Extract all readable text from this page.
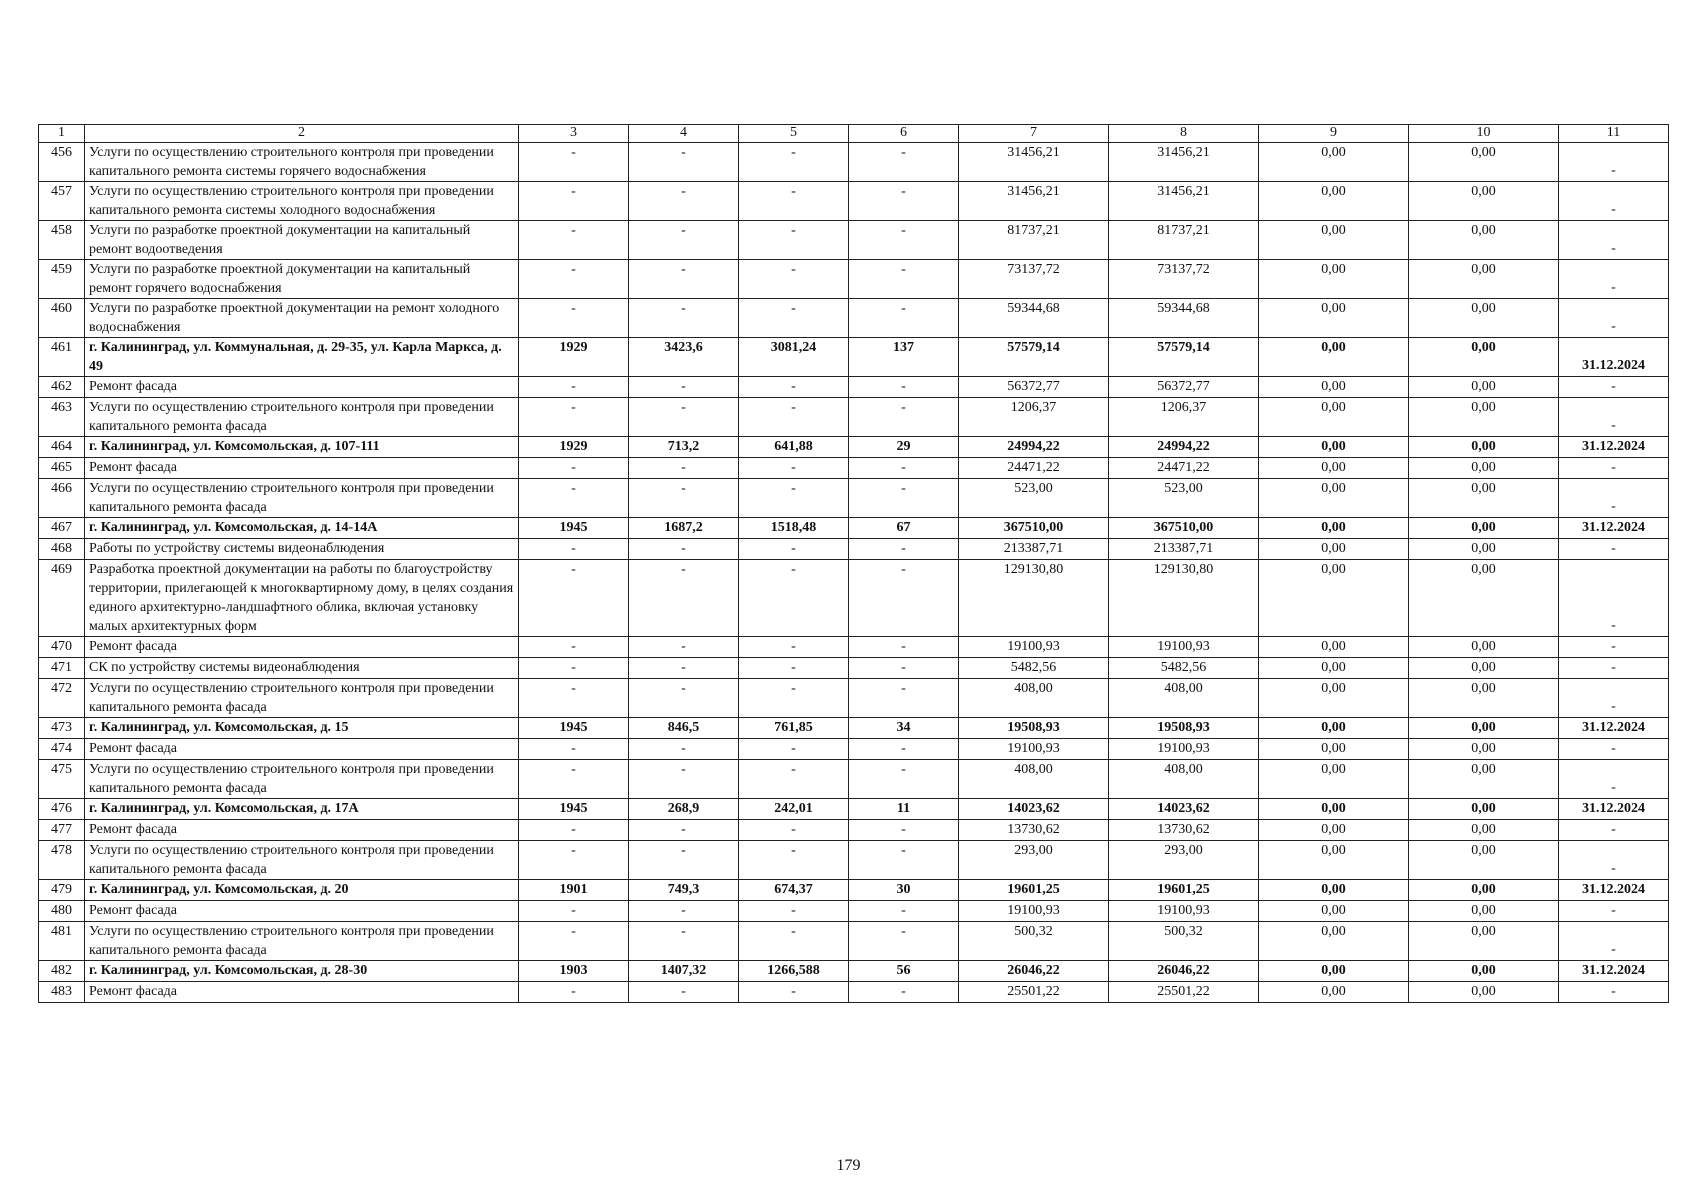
1	2	3	4	5	6	7	8	9	10	11
456	Услуги по осуществлению строительного контроля при проведении капитального ремонта системы горячего водоснабжения	-	-	-	-	31456,21	31456,21	0,00	0,00	-
457	Услуги по осуществлению строительного контроля при проведении капитального ремонта системы холодного водоснабжения	-	-	-	-	31456,21	31456,21	0,00	0,00	-
458	Услуги по разработке проектной документации на капитальный ремонт водоотведения	-	-	-	-	81737,21	81737,21	0,00	0,00	-
459	Услуги по разработке проектной документации на капитальный ремонт горячего водоснабжения	-	-	-	-	73137,72	73137,72	0,00	0,00	-
460	Услуги по разработке проектной документации на ремонт холодного водоснабжения	-	-	-	-	59344,68	59344,68	0,00	0,00	-
461	г. Калининград, ул. Коммунальная, д. 29-35, ул. Карла Маркса, д. 49	1929	3423,6	3081,24	137	57579,14	57579,14	0,00	0,00	31.12.2024
462	Ремонт фасада	-	-	-	-	56372,77	56372,77	0,00	0,00	-
463	Услуги по осуществлению строительного контроля при проведении капитального ремонта фасада	-	-	-	-	1206,37	1206,37	0,00	0,00	-
464	г. Калининград, ул. Комсомольская, д. 107-111	1929	713,2	641,88	29	24994,22	24994,22	0,00	0,00	31.12.2024
465	Ремонт фасада	-	-	-	-	24471,22	24471,22	0,00	0,00	-
466	Услуги по осуществлению строительного контроля при проведении капитального ремонта фасада	-	-	-	-	523,00	523,00	0,00	0,00	-
467	г. Калининград, ул. Комсомольская, д. 14-14А	1945	1687,2	1518,48	67	367510,00	367510,00	0,00	0,00	31.12.2024
468	Работы по устройству системы видеонаблюдения	-	-	-	-	213387,71	213387,71	0,00	0,00	-
469	Разработка проектной документации на работы по благоустройству территории, прилегающей к многоквартирному дому, в целях создания единого архитектурно-ландшафтного облика, включая установку малых архитектурных форм	-	-	-	-	129130,80	129130,80	0,00	0,00	-
470	Ремонт фасада	-	-	-	-	19100,93	19100,93	0,00	0,00	-
471	СК по устройству системы видеонаблюдения	-	-	-	-	5482,56	5482,56	0,00	0,00	-
472	Услуги по осуществлению строительного контроля при проведении капитального ремонта фасада	-	-	-	-	408,00	408,00	0,00	0,00	-
473	г. Калининград, ул. Комсомольская, д. 15	1945	846,5	761,85	34	19508,93	19508,93	0,00	0,00	31.12.2024
474	Ремонт фасада	-	-	-	-	19100,93	19100,93	0,00	0,00	-
475	Услуги по осуществлению строительного контроля при проведении капитального ремонта фасада	-	-	-	-	408,00	408,00	0,00	0,00	-
476	г. Калининград, ул. Комсомольская, д. 17А	1945	268,9	242,01	11	14023,62	14023,62	0,00	0,00	31.12.2024
477	Ремонт фасада	-	-	-	-	13730,62	13730,62	0,00	0,00	-
478	Услуги по осуществлению строительного контроля при проведении капитального ремонта фасада	-	-	-	-	293,00	293,00	0,00	0,00	-
479	г. Калининград, ул. Комсомольская, д. 20	1901	749,3	674,37	30	19601,25	19601,25	0,00	0,00	31.12.2024
480	Ремонт фасада	-	-	-	-	19100,93	19100,93	0,00	0,00	-
481	Услуги по осуществлению строительного контроля при проведении капитального ремонта фасада	-	-	-	-	500,32	500,32	0,00	0,00	-
482	г. Калининград, ул. Комсомольская, д. 28-30	1903	1407,32	1266,588	56	26046,22	26046,22	0,00	0,00	31.12.2024
483	Ремонт фасада	-	-	-	-	25501,22	25501,22	0,00	0,00	-
179
